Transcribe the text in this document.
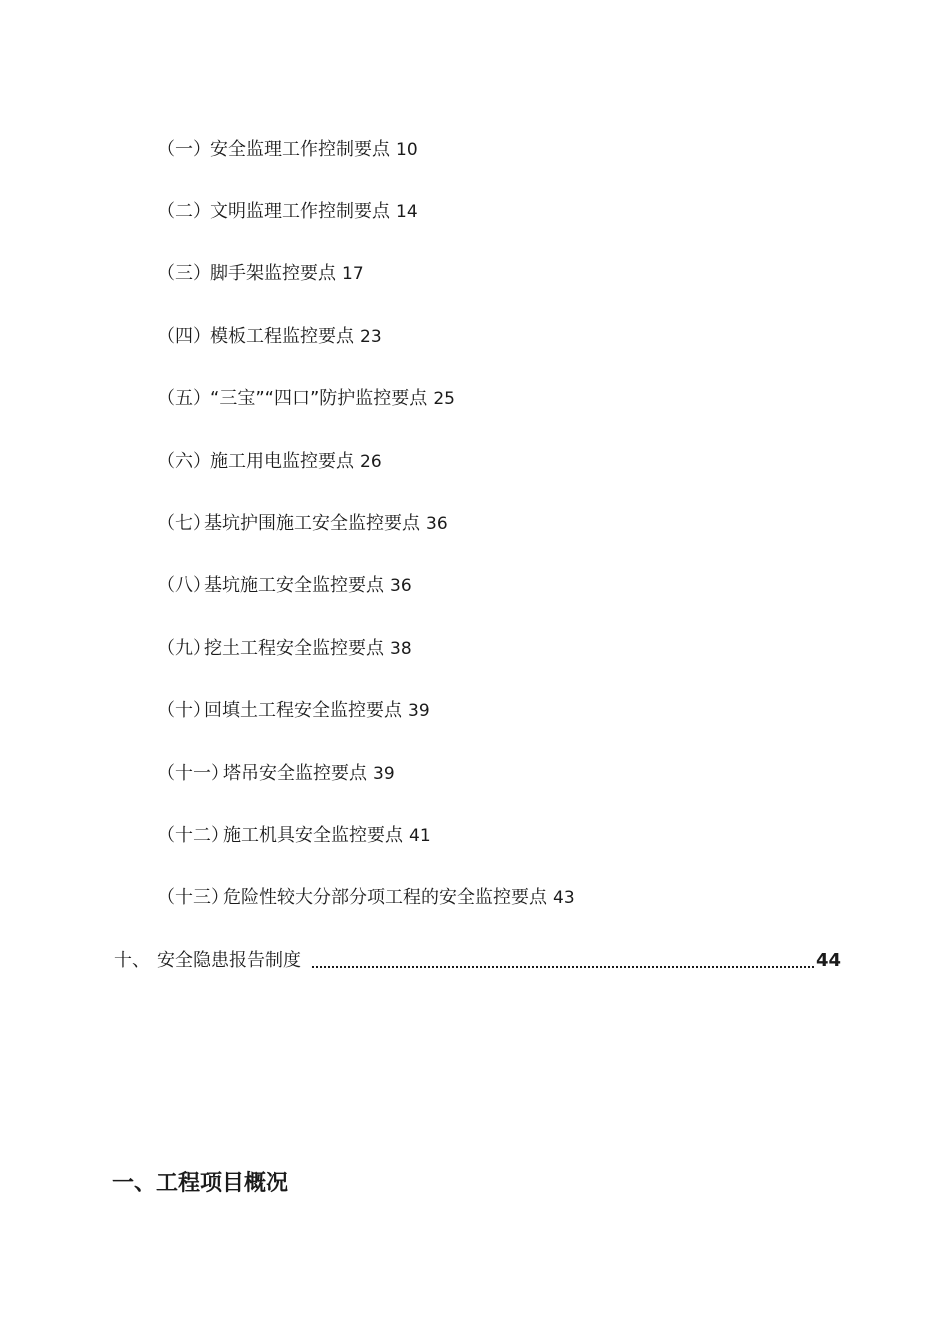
（一） 安全监理工作控制要点 10
（二） 文明监理工作控制要点 14
（三） 脚手架监控要点 17
（四） 模板工程监控要点 23
（五） “三宝”“四口”防护监控要点 25
（六） 施工用电监控要点 26
（七）
基坑护围施工安全监控要点 36
（八）
基坑施工安全监控要点 36
（九）
挖土工程安全监控要点 38
（十）
回填土工程安全监控要点 39
（十一）
塔吊安全监控要点 39
（十二）
施工机具安全监控要点 41
（十三）
危险性较大分部分项工程的安全监控要点 43
十、 安全隐患报告制度	44
一、工程项目概况
